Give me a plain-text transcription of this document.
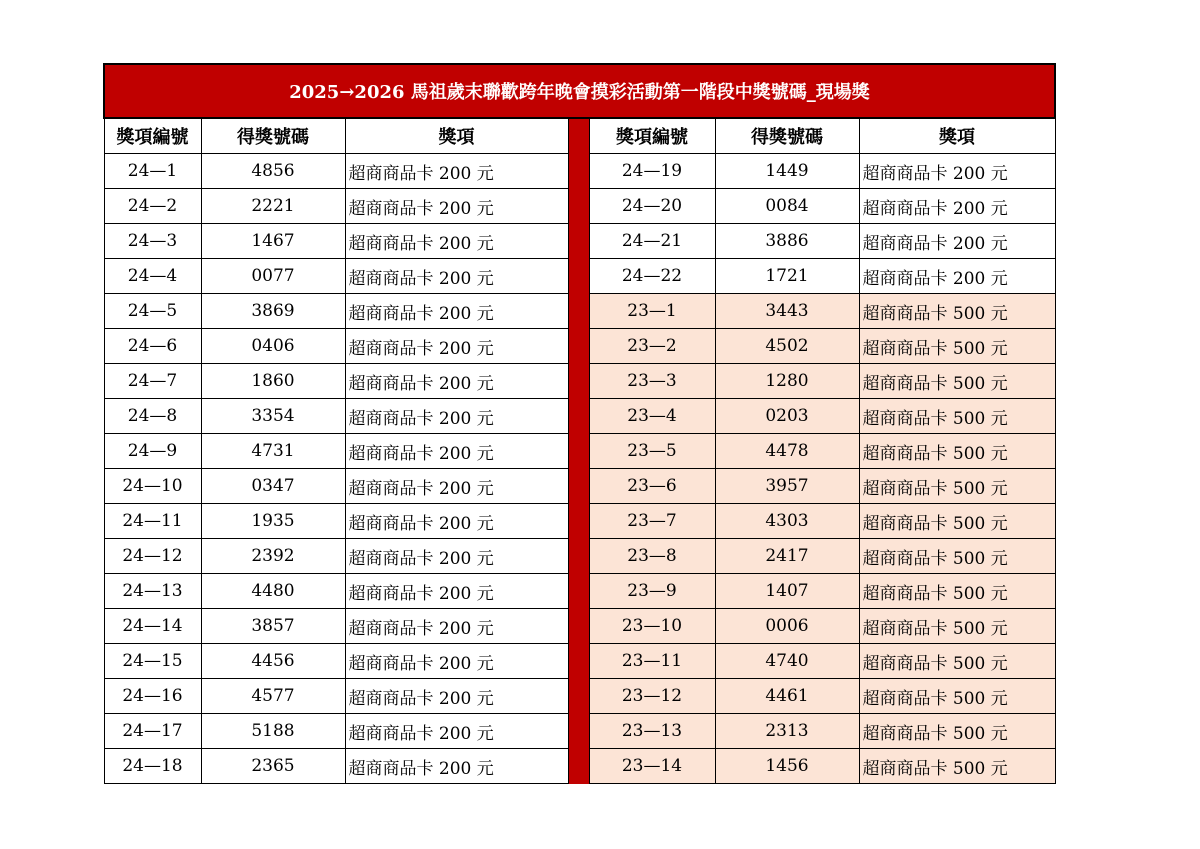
2025→2026 馬祖歲末聯歡跨年晚會摸彩活動第一階段中獎號碼_現場獎						
獎項編號	得獎號碼	獎項		獎項編號	得獎號碼	獎項
24—1	4856	超商商品卡 200 元		24—19	1449	超商商品卡 200 元
24—2	2221	超商商品卡 200 元		24—20	0084	超商商品卡 200 元
24—3	1467	超商商品卡 200 元		24—21	3886	超商商品卡 200 元
24—4	0077	超商商品卡 200 元		24—22	1721	超商商品卡 200 元
24—5	3869	超商商品卡 200 元		23—1	3443	超商商品卡 500 元
24—6	0406	超商商品卡 200 元		23—2	4502	超商商品卡 500 元
24—7	1860	超商商品卡 200 元		23—3	1280	超商商品卡 500 元
24—8	3354	超商商品卡 200 元		23—4	0203	超商商品卡 500 元
24—9	4731	超商商品卡 200 元		23—5	4478	超商商品卡 500 元
24—10	0347	超商商品卡 200 元		23—6	3957	超商商品卡 500 元
24—11	1935	超商商品卡 200 元		23—7	4303	超商商品卡 500 元
24—12	2392	超商商品卡 200 元		23—8	2417	超商商品卡 500 元
24—13	4480	超商商品卡 200 元		23—9	1407	超商商品卡 500 元
24—14	3857	超商商品卡 200 元		23—10	0006	超商商品卡 500 元
24—15	4456	超商商品卡 200 元		23—11	4740	超商商品卡 500 元
24—16	4577	超商商品卡 200 元		23—12	4461	超商商品卡 500 元
24—17	5188	超商商品卡 200 元		23—13	2313	超商商品卡 500 元
24—18	2365	超商商品卡 200 元		23—14	1456	超商商品卡 500 元
